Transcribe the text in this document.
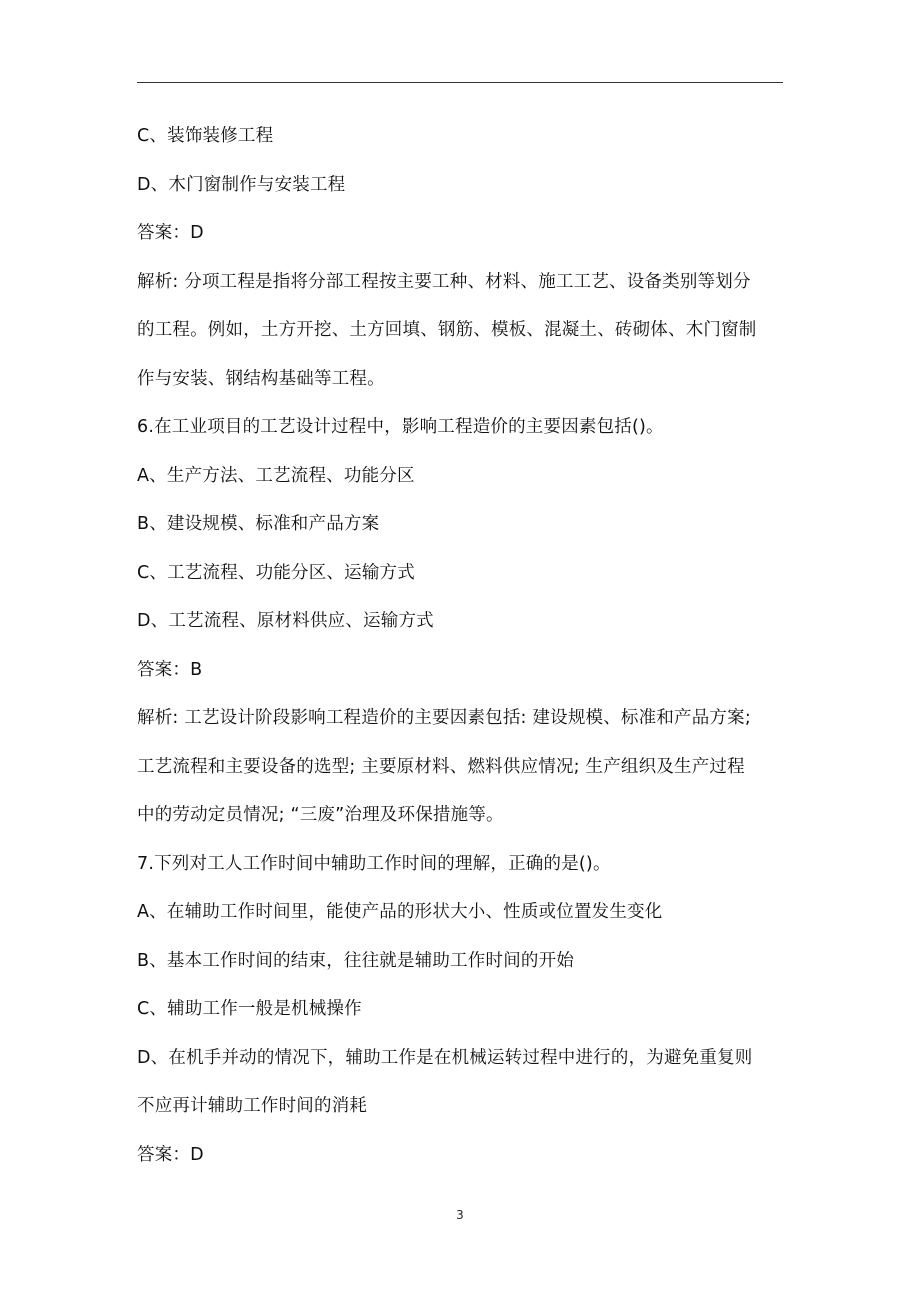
C、装饰装修工程
D、木门窗制作与安装工程
答案：D
解析: 分项工程是指将分部工程按主要工种、材料、施工工艺、设备类别等划分
的工程。例如，土方开挖、土方回填、钢筋、模板、混凝土、砖砌体、木门窗制
作与安装、钢结构基础等工程。
6.在工业项目的工艺设计过程中，影响工程造价的主要因素包括()。
A、生产方法、工艺流程、功能分区
B、建设规模、标准和产品方案
C、工艺流程、功能分区、运输方式
D、工艺流程、原材料供应、运输方式
答案：B
解析: 工艺设计阶段影响工程造价的主要因素包括: 建设规模、标准和产品方案;
工艺流程和主要设备的选型; 主要原材料、燃料供应情况; 生产组织及生产过程
中的劳动定员情况; “三废”治理及环保措施等。
7.下列对工人工作时间中辅助工作时间的理解，正确的是()。
A、在辅助工作时间里，能使产品的形状大小、性质或位置发生变化
B、基本工作时间的结束，往往就是辅助工作时间的开始
C、辅助工作一般是机械操作
D、在机手并动的情况下，辅助工作是在机械运转过程中进行的，为避免重复则
不应再计辅助工作时间的消耗
答案：D
3
